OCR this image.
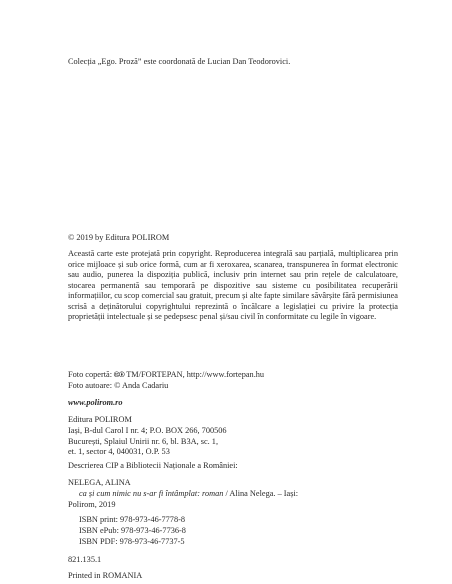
Colecția „Ego. Proză” este coordonată de Lucian Dan Teodorovici.
© 2019 by Editura POLIROM
Această carte este protejată prin copyright. Reproducerea integrală sau parțială, multiplicarea prin orice mijloace și sub orice formă, cum ar fi xeroxarea, scanarea, transpunerea în format electronic sau audio, punerea la dispoziția publică, inclusiv prin internet sau prin rețele de calculatoare, stocarea permanentă sau temporară pe dispozitive sau sisteme cu posibilitatea recuperării informațiilor, cu scop comercial sau gratuit, precum și alte fapte similare săvârșite fără permisiunea scrisă a deținătorului copyrightului reprezintă o încălcare a legislației cu privire la protecția proprietății intelectuale și se pedepsesc penal și/sau civil în conformitate cu legile în vigoare.
Foto copertă: 🅭🅯 TM/FORTEPAN, http://www.fortepan.hu
Foto autoare: © Anda Cadariu
www.polirom.ro
Editura POLIROM
Iași, B-dul Carol I nr. 4; P.O. BOX 266, 700506
București, Splaiul Unirii nr. 6, bl. B3A, sc. 1,
et. 1, sector 4, 040031, O.P. 53
Descrierea CIP a Bibliotecii Naționale a României:
NELEGA, ALINA
ca și cum nimic nu s-ar fi întâmplat: roman / Alina Nelega. – Iași:
Polirom, 2019
ISBN print: 978-973-46-7778-8
ISBN ePub: 978-973-46-7736-8
ISBN PDF: 978-973-46-7737-5
821.135.1
Printed in ROMANIA
